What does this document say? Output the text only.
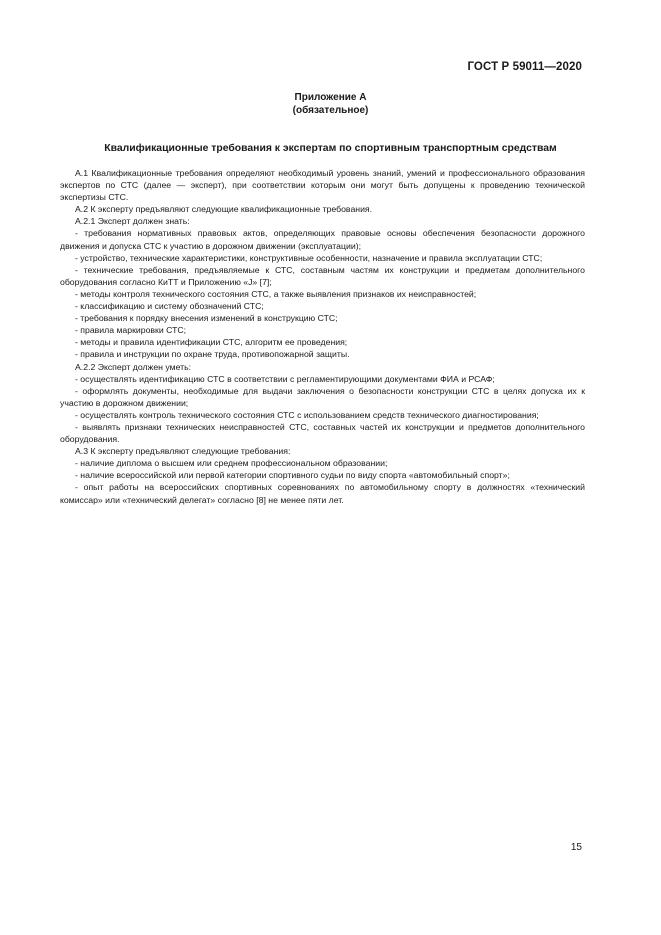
ГОСТ Р 59011—2020
Приложение А
(обязательное)
Квалификационные требования к экспертам по спортивным транспортным средствам

А.1 Квалификационные требования определяют необходимый уровень знаний, умений и профессионального образования экспертов по СТС (далее — эксперт), при соответствии которым они могут быть допущены к проведению технической экспертизы СТС.

А.2 К эксперту предъявляют следующие квалификационные требования.

А.2.1 Эксперт должен знать:

- требования нормативных правовых актов, определяющих правовые основы обеспечения безопасности дорожного движения и допуска СТС к участию в дорожном движении (эксплуатации);

- устройство, технические характеристики, конструктивные особенности, назначение и правила эксплуатации СТС;

- технические требования, предъявляемые к СТС, составным частям их конструкции и предметам дополнительного оборудования согласно КиТТ и Приложению «J» [7];

- методы контроля технического состояния СТС, а также выявления признаков их неисправностей;

- классификацию и систему обозначений СТС;

- требования к порядку внесения изменений в конструкцию СТС;

- правила маркировки СТС;

- методы и правила идентификации СТС, алгоритм ее проведения;

- правила и инструкции по охране труда, противопожарной защиты.

А.2.2 Эксперт должен уметь:

- осуществлять идентификацию СТС в соответствии с регламентирующими документами ФИА и РСАФ;

- оформлять документы, необходимые для выдачи заключения о безопасности конструкции СТС в целях допуска их к участию в дорожном движении;

- осуществлять контроль технического состояния СТС с использованием средств технического диагностирования;

- выявлять признаки технических неисправностей СТС, составных частей их конструкции и предметов дополнительного оборудования.

А.3 К эксперту предъявляют следующие требования:

- наличие диплома о высшем или среднем профессиональном образовании;

- наличие всероссийской или первой категории спортивного судьи по виду спорта «автомобильный спорт»;

- опыт работы на всероссийских спортивных соревнованиях по автомобильному спорту в должностях «технический комиссар» или «технический делегат» согласно [8] не менее пяти лет.

15
